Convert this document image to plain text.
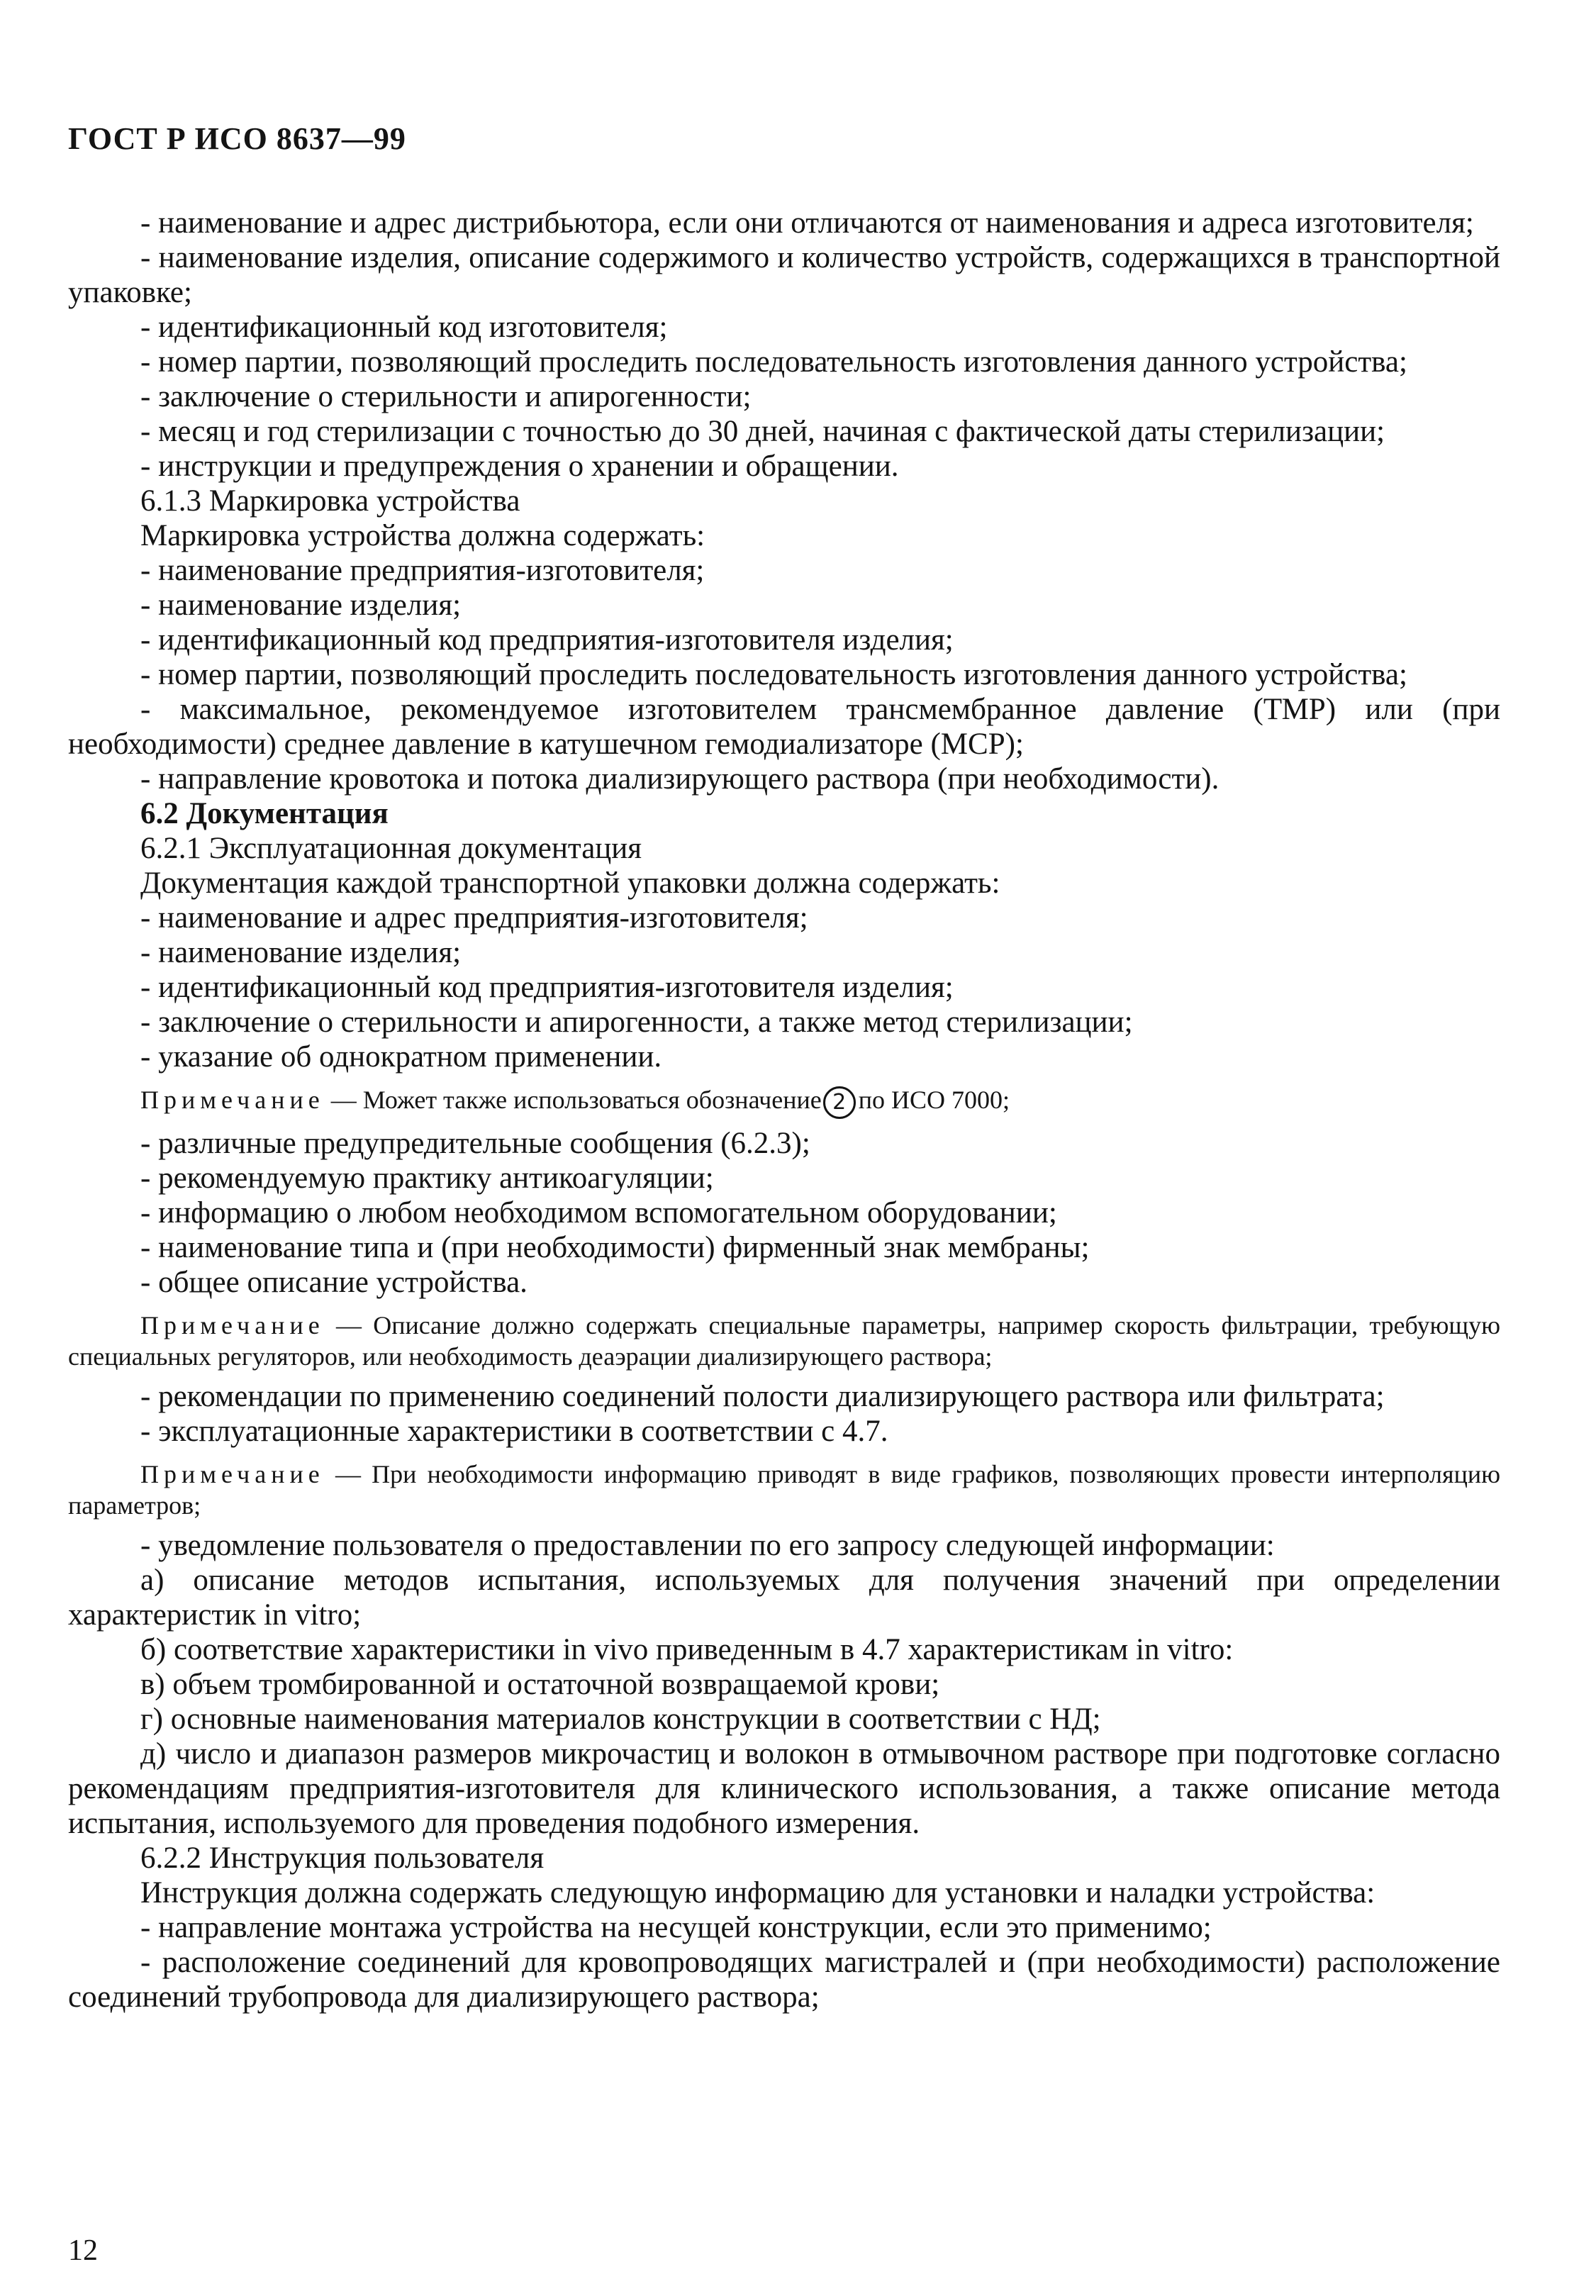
ГОСТ Р ИСО 8637—99

- наименование и адрес дистрибьютора, если они отличаются от наименования и адреса изготовителя;

- наименование изделия, описание содержимого и количество устройств, содержащихся в транспортной упаковке;

- идентификационный код изготовителя;

- номер партии, позволяющий проследить последовательность изготовления данного устройства;

- заключение о стерильности и апирогенности;

- месяц и год стерилизации с точностью до 30 дней, начиная с фактической даты стерилизации;

- инструкции и предупреждения о хранении и обращении.

6.1.3 Маркировка устройства

Маркировка устройства должна содержать:

- наименование предприятия-изготовителя;

- наименование изделия;

- идентификационный код предприятия-изготовителя изделия;

- номер партии, позволяющий проследить последовательность изготовления данного устройства;

- максимальное, рекомендуемое изготовителем трансмембранное давление (ТМР) или (при необходимости) среднее давление в катушечном гемодиализаторе (МСР);

- направление кровотока и потока диализирующего раствора (при необходимости).

6.2 Документация

6.2.1 Эксплуатационная документация

Документация каждой транспортной упаковки должна содержать:

- наименование и адрес предприятия-изготовителя;

- наименование изделия;

- идентификационный код предприятия-изготовителя изделия;

- заключение о стерильности и апирогенности, а также метод стерилизации;

- указание об однократном применении.

Примечание — Может также использоваться обозначение 2 по ИСО 7000;

- различные предупредительные сообщения (6.2.3);

- рекомендуемую практику антикоагуляции;

- информацию о любом необходимом вспомогательном оборудовании;

- наименование типа и (при необходимости) фирменный знак мембраны;

- общее описание устройства.

Примечание — Описание должно содержать специальные параметры, например скорость фильтрации, требующую специальных регуляторов, или необходимость деаэрации диализирующего раствора;

- рекомендации по применению соединений полости диализирующего раствора или фильтрата;

- эксплуатационные характеристики в соответствии с 4.7.

Примечание — При необходимости информацию приводят в виде графиков, позволяющих провести интерполяцию параметров;

- уведомление пользователя о предоставлении по его запросу следующей информации:

а) описание методов испытания, используемых для получения значений при определении характеристик in vitro;

б) соответствие характеристики in vivo приведенным в 4.7 характеристикам in vitro:

в) объем тромбированной и остаточной возвращаемой крови;

г) основные наименования материалов конструкции в соответствии с НД;

д) число и диапазон размеров микрочастиц и волокон в отмывочном растворе при подготовке согласно рекомендациям предприятия-изготовителя для клинического использования, а также описание метода испытания, используемого для проведения подобного измерения.

6.2.2 Инструкция пользователя

Инструкция должна содержать следующую информацию для установки и наладки устройства:

- направление монтажа устройства на несущей конструкции, если это применимо;

- расположение соединений для кровопроводящих магистралей и (при необходимости) расположение соединений трубопровода для диализирующего раствора;

12
